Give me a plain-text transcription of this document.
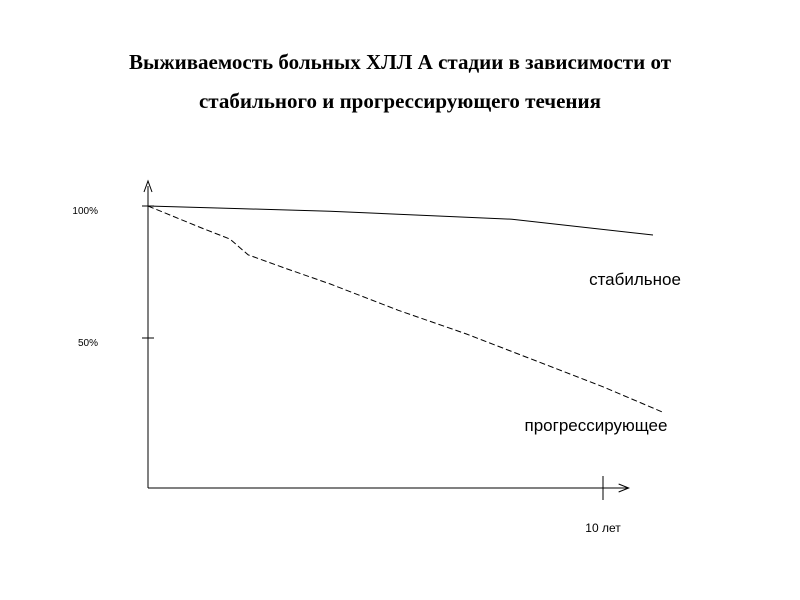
Выживаемость больных ХЛЛ А стадии в зависимости от
стабильного и прогрессирующего течения
100%
50%
10 лет
стабильное
прогрессирующее
